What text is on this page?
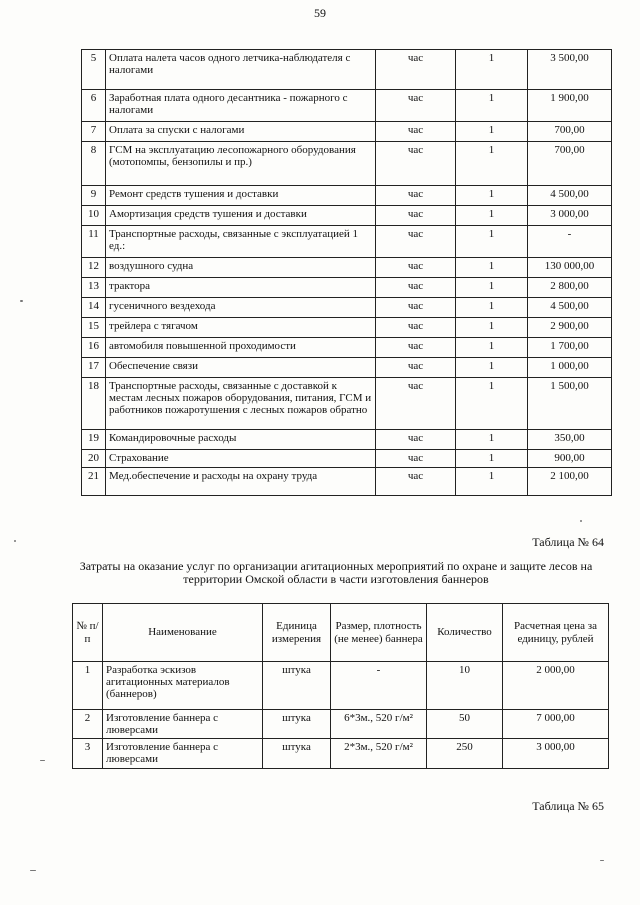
59
5	Оплата налета часов одного летчика-наблюдателя с налогами	час	1	3 500,00
6	Заработная плата одного десантника - пожарного с налогами	час	1	1 900,00
7	Оплата за спуски с налогами	час	1	700,00
8	ГСМ на эксплуатацию лесопожарного оборудования (мотопомпы, бензопилы и пр.)	час	1	700,00
9	Ремонт средств тушения и доставки	час	1	4 500,00
10	Амортизация средств тушения и доставки	час	1	3 000,00
11	Транспортные расходы, связанные с эксплуатацией 1 ед.:	час	1	-
12	воздушного судна	час	1	130 000,00
13	трактора	час	1	2 800,00
14	гусеничного вездехода	час	1	4 500,00
15	трейлера с тягачом	час	1	2 900,00
16	автомобиля повышенной проходимости	час	1	1 700,00
17	Обеспечение связи	час	1	1 000,00
18	Транспортные расходы, связанные с доставкой к местам лесных пожаров оборудования, питания, ГСМ и работников пожаротушения с лесных пожаров обратно	час	1	1 500,00
19	Командировочные расходы	час	1	350,00
20	Страхование	час	1	900,00
21	Мед.обеспечение и расходы на охрану труда	час	1	2 100,00
Таблица № 64
Затраты на оказание услуг по организации агитационных мероприятий по охране и защите лесов на территории Омской области в части изготовления баннеров
№ п/п	Наименование	Единица измерения	Размер, плотность (не менее) баннера	Количество	Расчетная цена за единицу, рублей
1	Разработка эскизов агитационных материалов (баннеров)	штука	-	10	2 000,00
2	Изготовление баннера с люверсами	штука	6*3м., 520 г/м²	50	7 000,00
3	Изготовление баннера с люверсами	штука	2*3м., 520 г/м²	250	3 000,00
Таблица № 65
